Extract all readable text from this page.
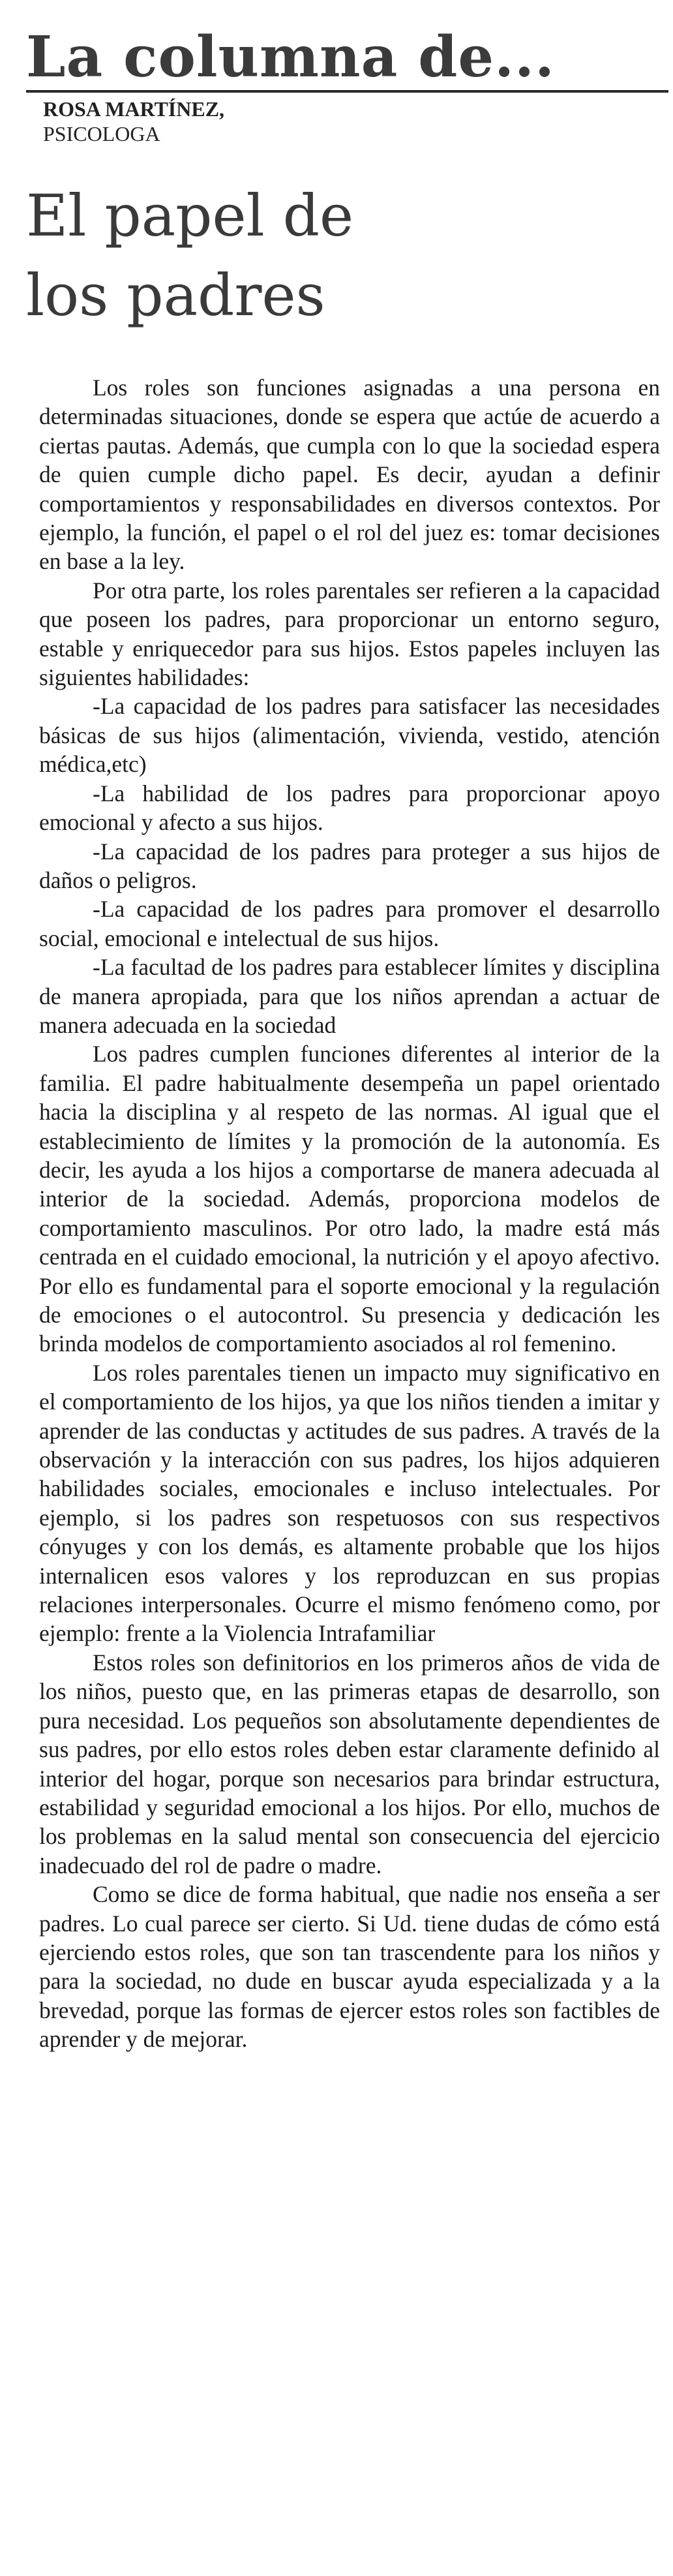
La columna de...
ROSA MARTÍNEZ,
PSICOLOGA
El papel de
los padres

Los roles son funciones asignadas a una persona en determinadas situaciones, donde se espera que actúe de acuerdo a ciertas pautas. Además, que cumpla con lo que la sociedad espera de quien cumple dicho papel. Es decir, ayudan a definir comportamientos y responsabilidades en diversos contextos. Por ejemplo, la función, el papel o el rol del juez es: tomar decisiones en base a la ley.

Por otra parte, los roles parentales ser refieren a la capacidad que poseen los padres, para proporcionar un entorno seguro, estable y enriquecedor para sus hijos. Estos papeles incluyen las siguientes habilidades:

-La capacidad de los padres para satisfacer las necesidades básicas de sus hijos (alimentación, vivienda, vestido, atención médica,etc)

-La habilidad de los padres para proporcionar apoyo emocional y afecto a sus hijos.

-La capacidad de los padres para proteger a sus hijos de daños o peligros.

-La capacidad de los padres para promover el desarrollo social, emocional e intelectual de sus hijos.

-La facultad de los padres para establecer límites y disciplina de manera apropiada, para que los niños aprendan a actuar de manera adecuada en la sociedad

Los padres cumplen funciones diferentes al interior de la familia. El padre habitualmente desempeña un papel orientado hacia la disciplina y al respeto de las normas. Al igual que el establecimiento de límites y la promoción de la autonomía. Es decir, les ayuda a los hijos a comportarse de manera adecuada al interior de la sociedad. Además, proporciona modelos de comportamiento masculinos. Por otro lado, la madre está más centrada en el cuidado emocional, la nutrición y el apoyo afectivo. Por ello es fundamental para el soporte emocional y la regulación de emociones o el autocontrol. Su presencia y dedicación les brinda modelos de comportamiento asociados al rol femenino.

Los roles parentales tienen un impacto muy significativo en el comportamiento de los hijos, ya que los niños tienden a imitar y aprender de las conductas y actitudes de sus padres. A través de la observación y la interacción con sus padres, los hijos adquieren habilidades sociales, emocionales e incluso intelectuales. Por ejemplo, si los padres son respetuosos con sus respectivos cónyuges y con los demás, es altamente probable que los hijos internalicen esos valores y los reproduzcan en sus propias relaciones interpersonales. Ocurre el mismo fenómeno como, por ejemplo: frente a la Violencia Intrafamiliar

Estos roles son definitorios en los primeros años de vida de los niños, puesto que, en las primeras etapas de desarrollo, son pura necesidad. Los pequeños son absolutamente dependientes de sus padres, por ello estos roles deben estar claramente definido al interior del hogar, porque son necesarios para brindar estructura, estabilidad y seguridad emocional a los hijos. Por ello, muchos de los problemas en la salud mental son consecuencia del ejercicio inadecuado del rol de padre o madre.

Como se dice de forma habitual, que nadie nos enseña a ser padres. Lo cual parece ser cierto. Si Ud. tiene dudas de cómo está ejerciendo estos roles, que son tan trascendente para los niños y para la sociedad, no dude en buscar ayuda especializada y a la brevedad, porque las formas de ejercer estos roles son factibles de aprender y de mejorar.
